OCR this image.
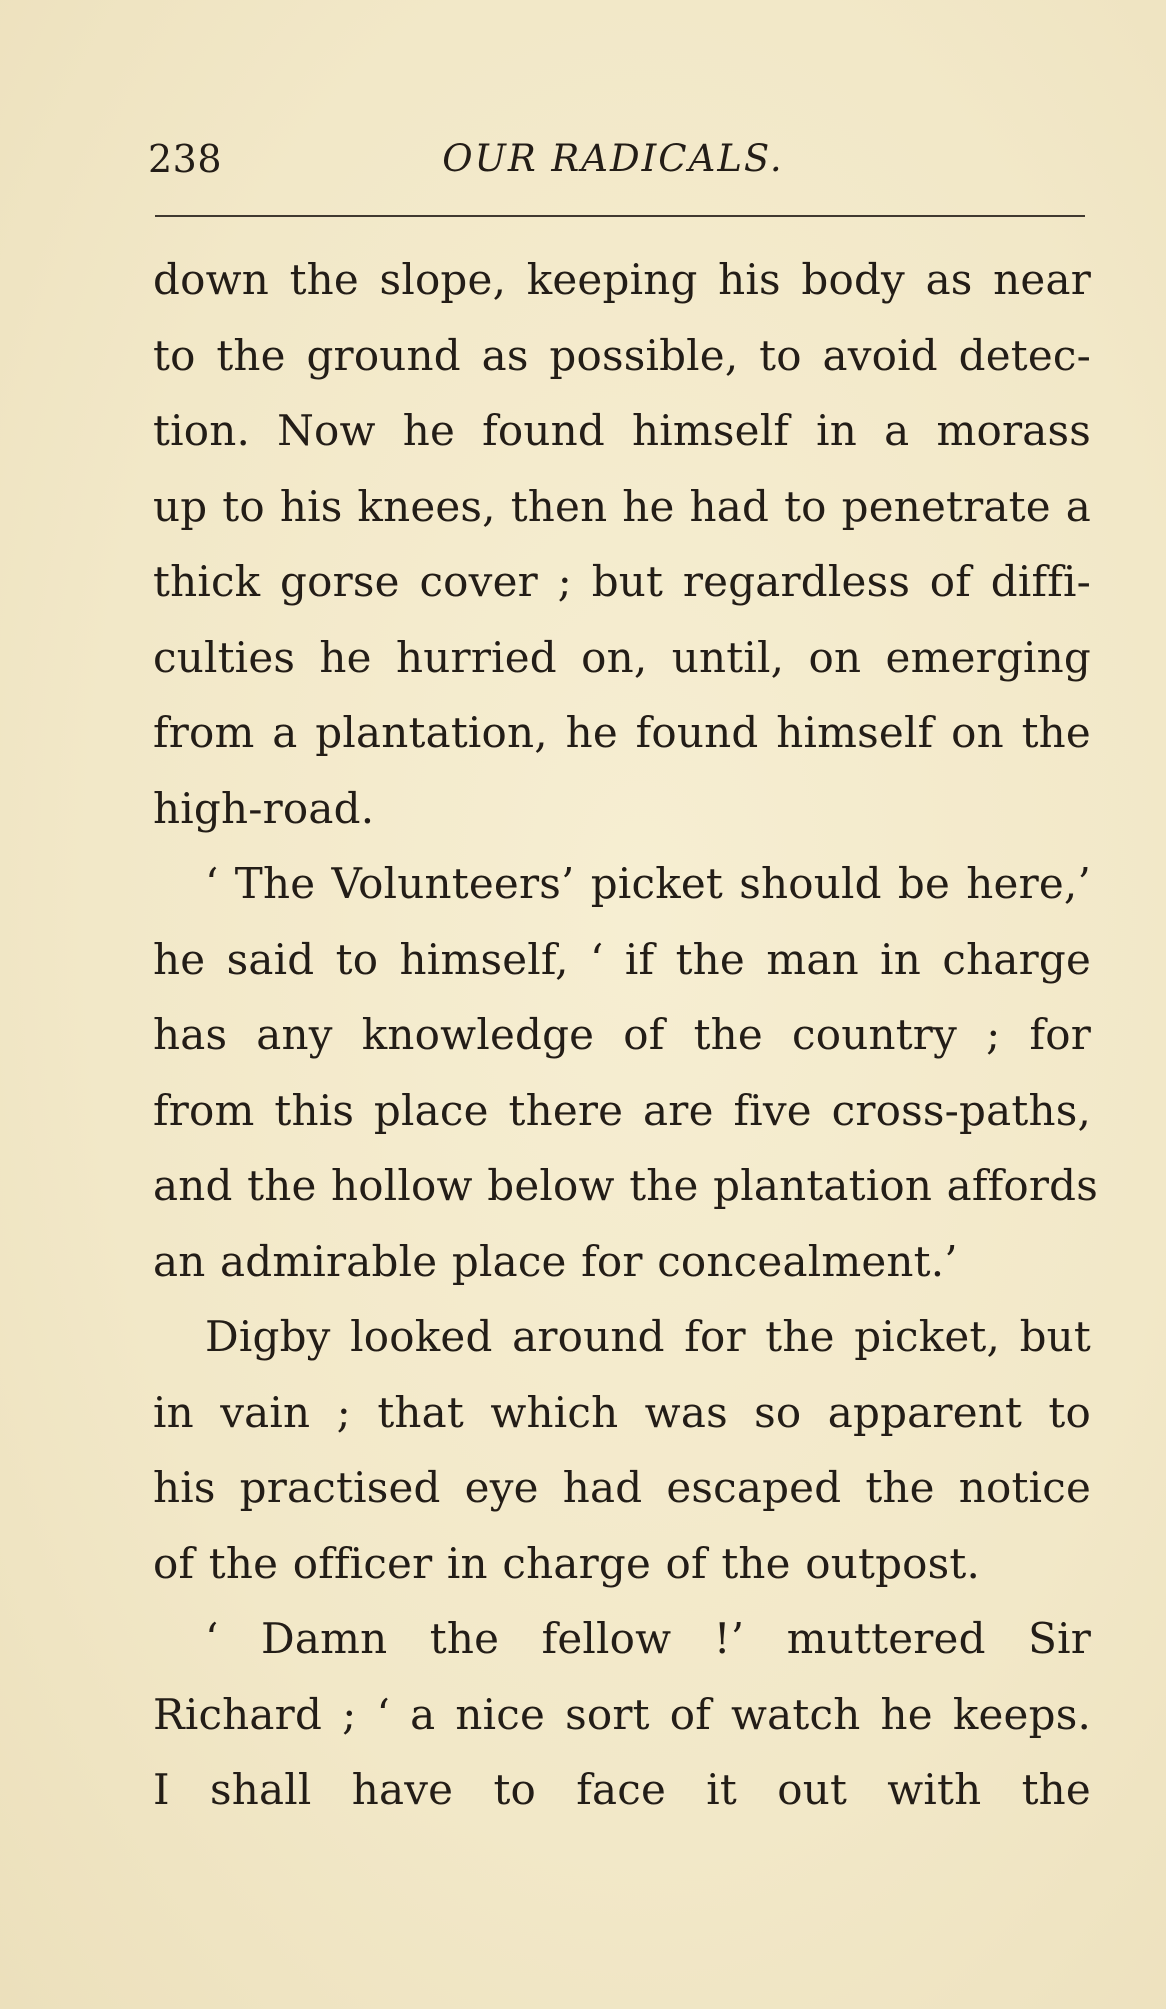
238	OUR RADICALS.
down the slope, keeping his body as near
to the ground as possible, to avoid detec-
tion. Now he found himself in a morass
up to his knees, then he had to penetrate a
thick gorse cover ; but regardless of diffi-
culties he hurried on, until, on emerging
from a plantation, he found himself on the
high-road.
‘ The Volunteers’ picket should be here,’
he said to himself, ‘ if the man in charge
has any knowledge of the country ; for
from this place there are five cross-paths,
and the hollow below the plantation affords
an admirable place for concealment.’
Digby looked around for the picket, but
in vain ; that which was so apparent to
his practised eye had escaped the notice
of the officer in charge of the outpost.
‘ Damn the fellow !’ muttered Sir
Richard ; ‘ a nice sort of watch he keeps.
I shall have to face it out with the
